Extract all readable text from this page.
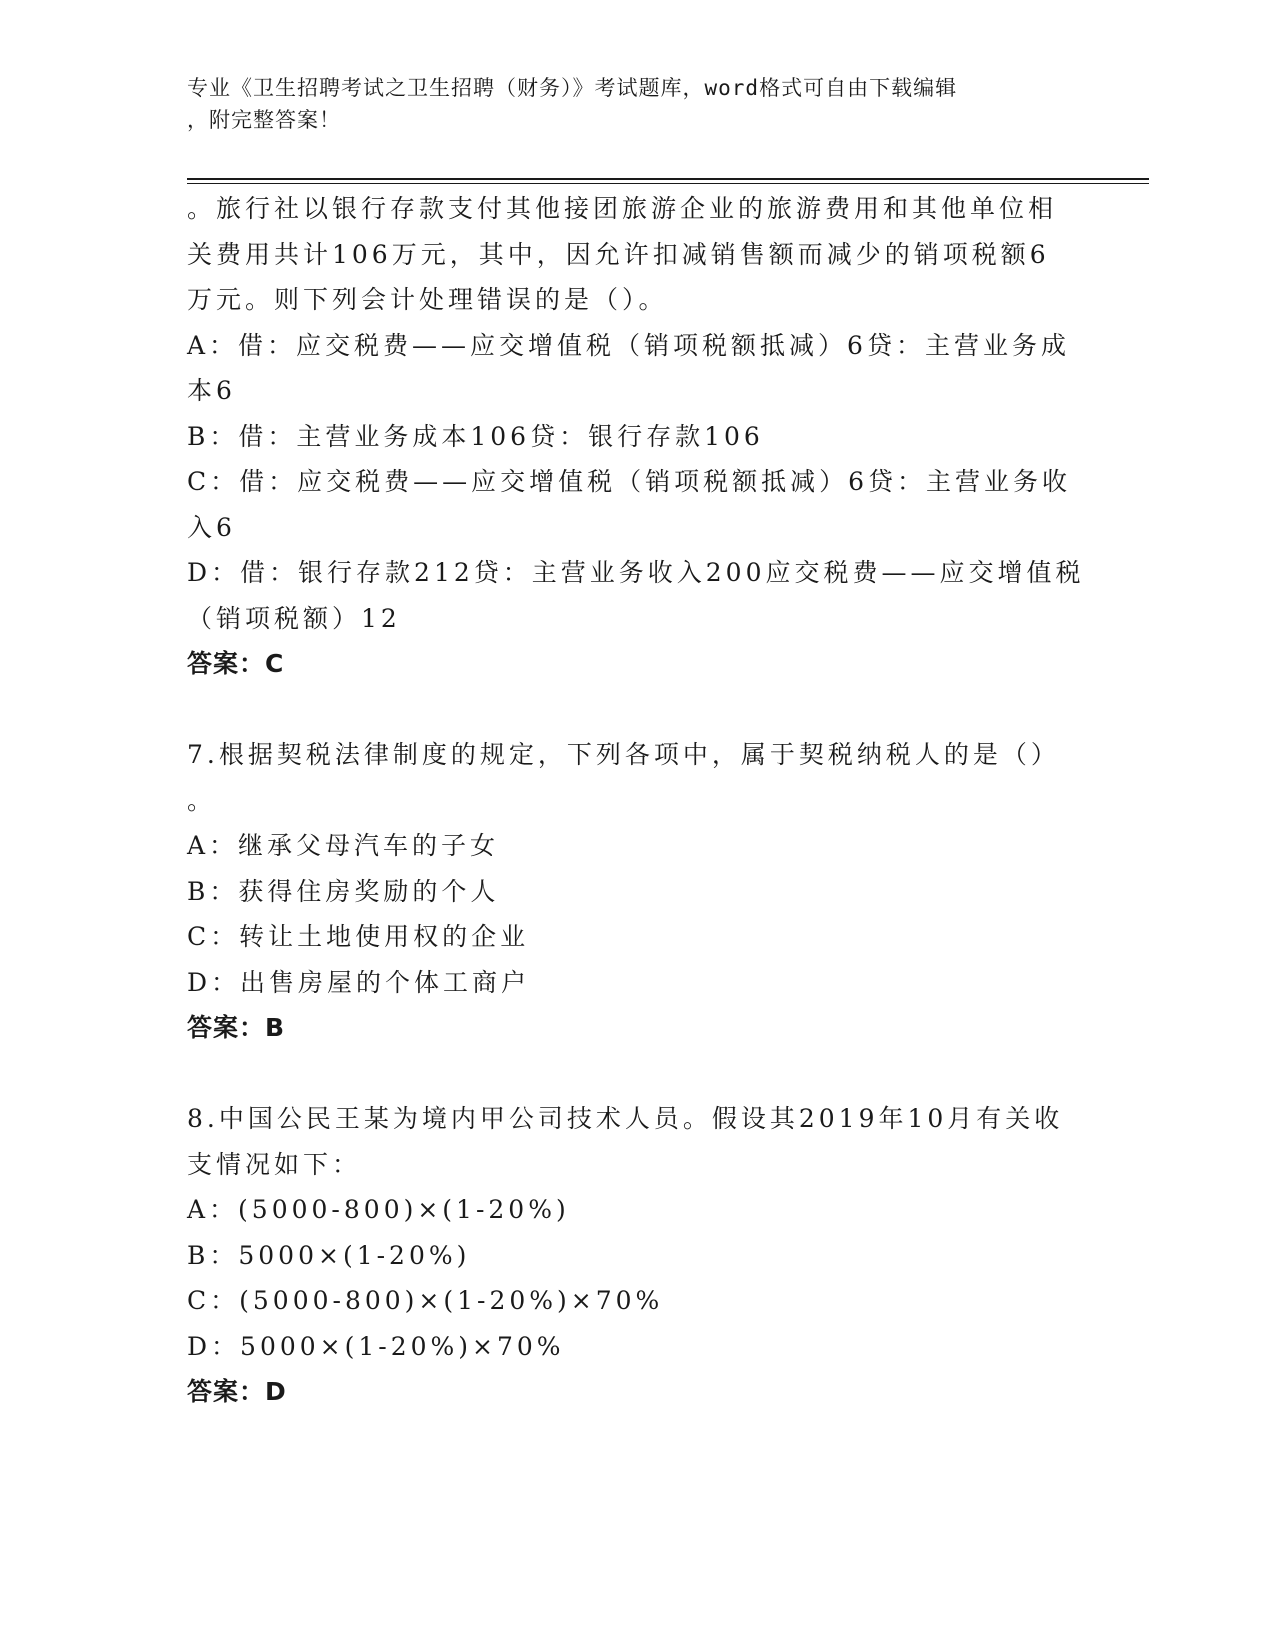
专业《卫生招聘考试之卫生招聘（财务）》考试题库，word格式可自由下载编辑
，附完整答案！
。旅行社以银行存款支付其他接团旅游企业的旅游费用和其他单位相
关费用共计106万元，其中，因允许扣减销售额而减少的销项税额6
万元。则下列会计处理错误的是（）。
A：借：应交税费——应交增值税（销项税额抵减）6贷：主营业务成
本6
B：借：主营业务成本106贷：银行存款106
C：借：应交税费——应交增值税（销项税额抵减）6贷：主营业务收
入6
D：借：银行存款212贷：主营业务收入200应交税费——应交增值税
（销项税额）12
答案：C
7.根据契税法律制度的规定，下列各项中，属于契税纳税人的是（）
。
A：继承父母汽车的子女
B：获得住房奖励的个人
C：转让土地使用权的企业
D：出售房屋的个体工商户
答案：B
8.中国公民王某为境内甲公司技术人员。假设其2019年10月有关收
支情况如下：
A：(5000-800)×(1-20%)
B：5000×(1-20%)
C：(5000-800)×(1-20%)×70%
D：5000×(1-20%)×70%
答案：D
